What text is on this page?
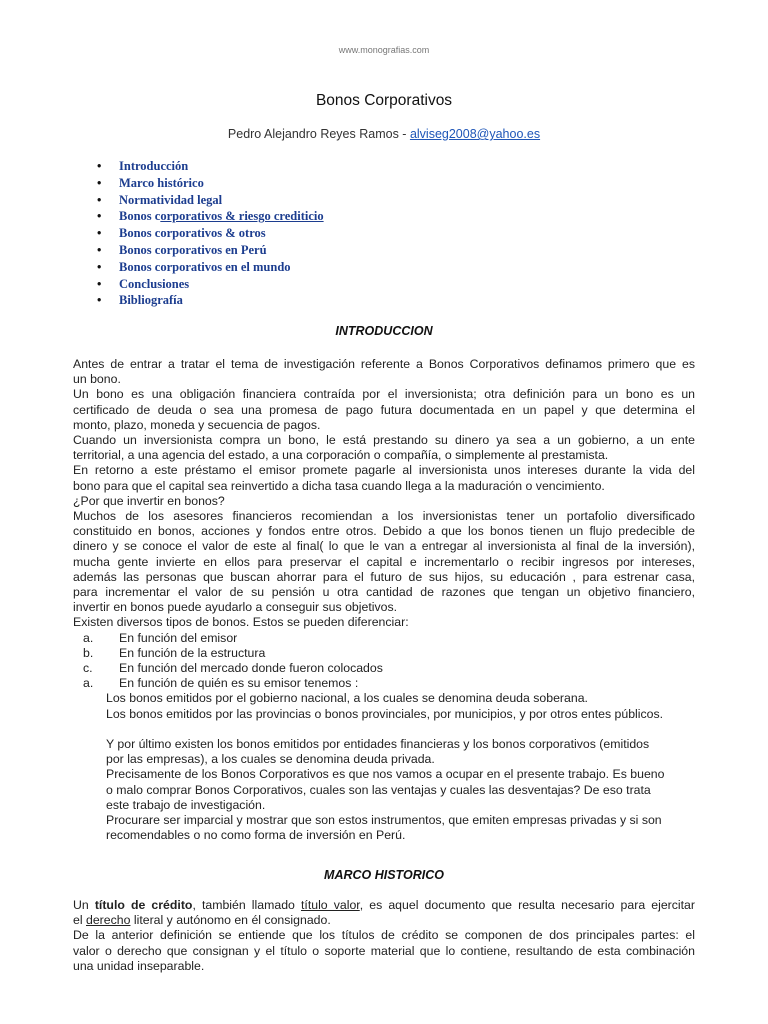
www.monografias.com
Bonos Corporativos
Pedro Alejandro Reyes Ramos - alviseg2008@yahoo.es
• Introducción
• Marco histórico
• Normatividad legal
• Bonos corporativos & riesgo crediticio
• Bonos corporativos & otros
• Bonos corporativos en Perú
• Bonos corporativos en el mundo
• Conclusiones
• Bibliografía
INTRODUCCION

Antes de entrar a tratar el tema de investigación referente a Bonos Corporativos definamos primero que es

un bono.

Un bono es una obligación financiera contraída por el inversionista; otra definición para un bono es un

certificado de deuda o sea una promesa de pago futura documentada en un papel y que determina el

monto, plazo, moneda y secuencia de pagos.

Cuando un inversionista compra un bono, le está prestando su dinero ya sea a un gobierno, a un ente

territorial, a una agencia del estado, a una corporación o compañía, o simplemente al prestamista.

En retorno a este préstamo el emisor promete pagarle al inversionista unos intereses durante la vida del

bono para que el capital sea reinvertido a dicha tasa cuando llega a la maduración o vencimiento.

¿Por que invertir en bonos?

Muchos de los asesores financieros recomiendan a los inversionistas tener un portafolio diversificado

constituido en bonos, acciones y fondos entre otros. Debido a que los bonos tienen un flujo predecible de

dinero y se conoce el valor de este al final( lo que le van a entregar al inversionista al final de la inversión),

mucha gente invierte en ellos para preservar el capital e incrementarlo o recibir ingresos por intereses,

además las personas que buscan ahorrar para el futuro de sus hijos, su educación , para estrenar casa,

para incrementar el valor de su pensión u otra cantidad de razones que tengan un objetivo financiero,

invertir en bonos puede ayudarlo a conseguir sus objetivos.

Existen diversos tipos de bonos. Estos se pueden diferenciar:

a. En función del emisor

b. En función de la estructura

c. En función del mercado donde fueron colocados

a. En función de quién es su emisor tenemos :

Los bonos emitidos por el gobierno nacional, a los cuales se denomina deuda soberana.

Los bonos emitidos por las provincias o bonos provinciales, por municipios, y por otros entes públicos.

Y por último existen los bonos emitidos por entidades financieras y los bonos corporativos (emitidos

por las empresas), a los cuales se denomina deuda privada.

Precisamente de los Bonos Corporativos es que nos vamos a ocupar en el presente trabajo. Es bueno

o malo comprar Bonos Corporativos, cuales son las ventajas y cuales las desventajas? De eso trata

este trabajo de investigación.

Procurare ser imparcial y mostrar que son estos instrumentos, que emiten empresas privadas y si son

recomendables o no como forma de inversión en Perú.

MARCO HISTORICO

Un título de crédito, también llamado título valor, es aquel documento que resulta necesario para ejercitar

el derecho literal y autónomo en él consignado.

De la anterior definición se entiende que los títulos de crédito se componen de dos principales partes: el

valor o derecho que consignan y el título o soporte material que lo contiene, resultando de esta combinación

una unidad inseparable.
